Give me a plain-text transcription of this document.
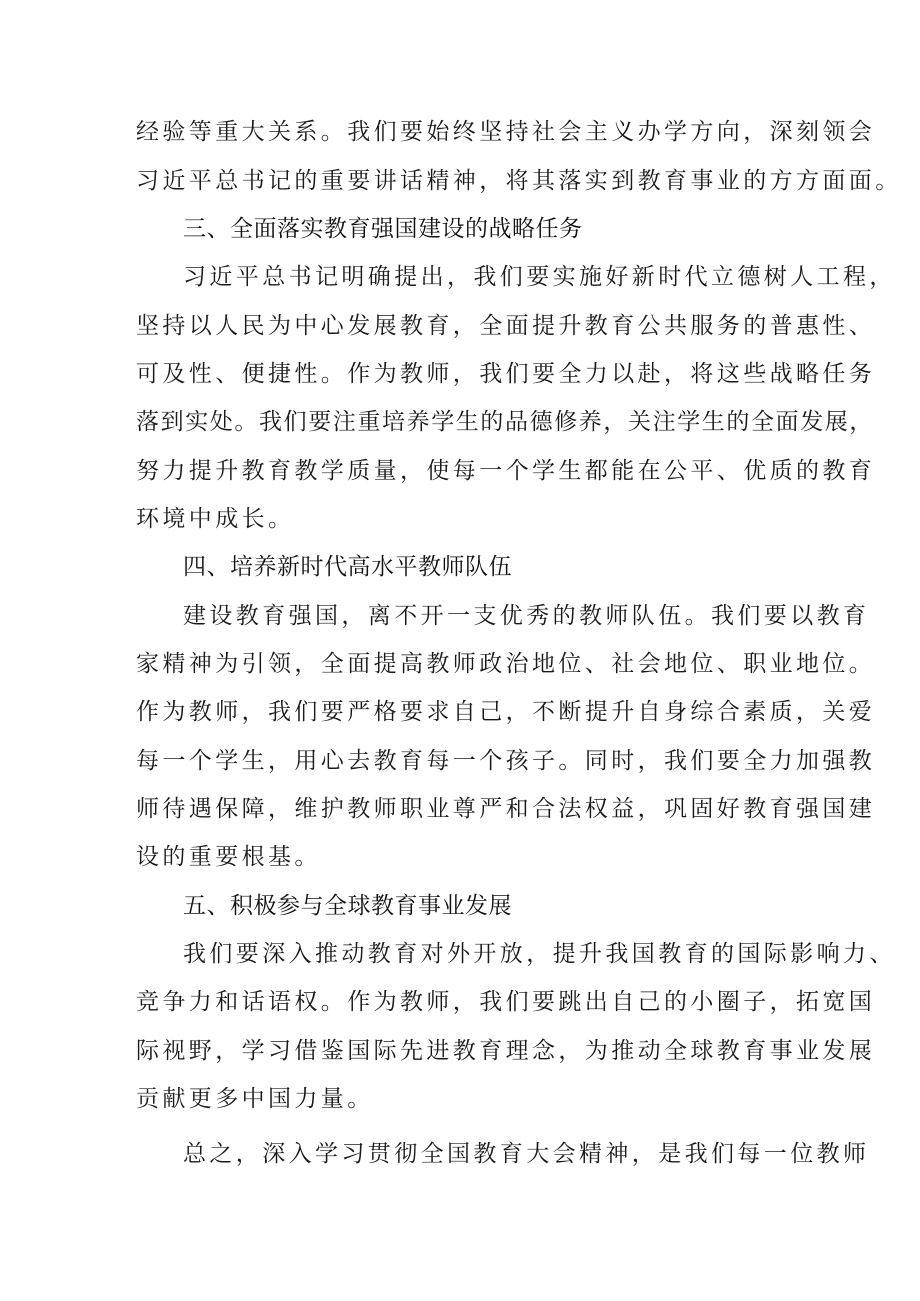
经验等重大关系。我们要始终坚持社会主义办学方向，深刻领会
习近平总书记的重要讲话精神，将其落实到教育事业的方方面面。
三、全面落实教育强国建设的战略任务
习近平总书记明确提出，我们要实施好新时代立德树人工程，
坚持以人民为中心发展教育，全面提升教育公共服务的普惠性、
可及性、便捷性。作为教师，我们要全力以赴，将这些战略任务
落到实处。我们要注重培养学生的品德修养，关注学生的全面发展，
努力提升教育教学质量，使每一个学生都能在公平、优质的教育
环境中成长。
四、培养新时代高水平教师队伍
建设教育强国，离不开一支优秀的教师队伍。我们要以教育
家精神为引领，全面提高教师政治地位、社会地位、职业地位。
作为教师，我们要严格要求自己，不断提升自身综合素质，关爱
每一个学生，用心去教育每一个孩子。同时，我们要全力加强教
师待遇保障，维护教师职业尊严和合法权益，巩固好教育强国建
设的重要根基。
五、积极参与全球教育事业发展
我们要深入推动教育对外开放，提升我国教育的国际影响力、
竞争力和话语权。作为教师，我们要跳出自己的小圈子，拓宽国
际视野，学习借鉴国际先进教育理念，为推动全球教育事业发展
贡献更多中国力量。
总之，深入学习贯彻全国教育大会精神，是我们每一位教师
